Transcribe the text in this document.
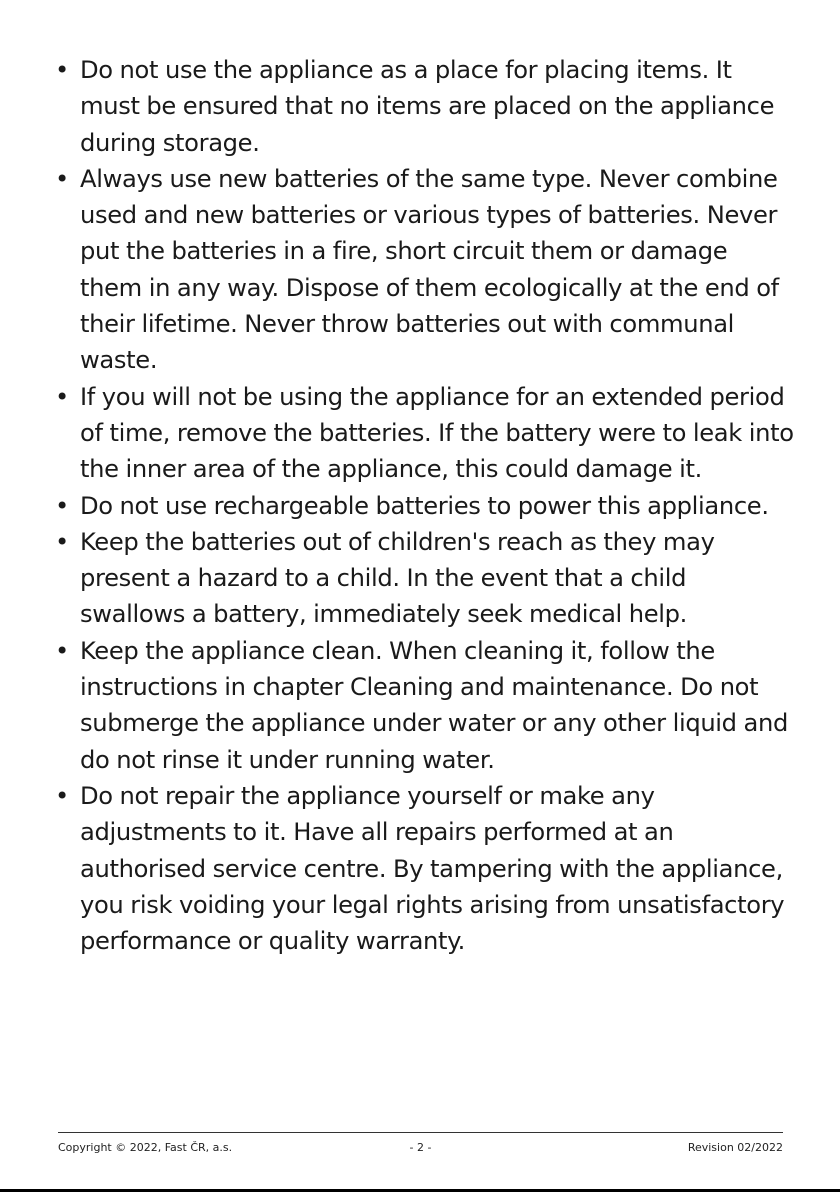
• Do not use the appliance as a place for placing items. It must be ensured that no items are placed on the appliance during storage.
• Always use new batteries of the same type. Never combine used and new batteries or various types of batteries. Never put the batteries in a fire, short circuit them or damage them in any way. Dispose of them ecologically at the end of their lifetime. Never throw batteries out with communal waste.
• If you will not be using the appliance for an extended period of time, remove the batteries. If the battery were to leak into the inner area of the appliance, this could damage it.
• Do not use rechargeable batteries to power this appliance.
• Keep the batteries out of children's reach as they may present a hazard to a child. In the event that a child swallows a battery, immediately seek medical help.
• Keep the appliance clean. When cleaning it, follow the instructions in chapter Cleaning and maintenance. Do not submerge the appliance under water or any other liquid and do not rinse it under running water.
• Do not repair the appliance yourself or make any adjustments to it. Have all repairs performed at an authorised service centre. By tampering with the appliance, you risk voiding your legal rights arising from unsatisfactory performance or quality warranty.
Copyright © 2022, Fast ČR, a.s.	- 2 -	Revision 02/2022
